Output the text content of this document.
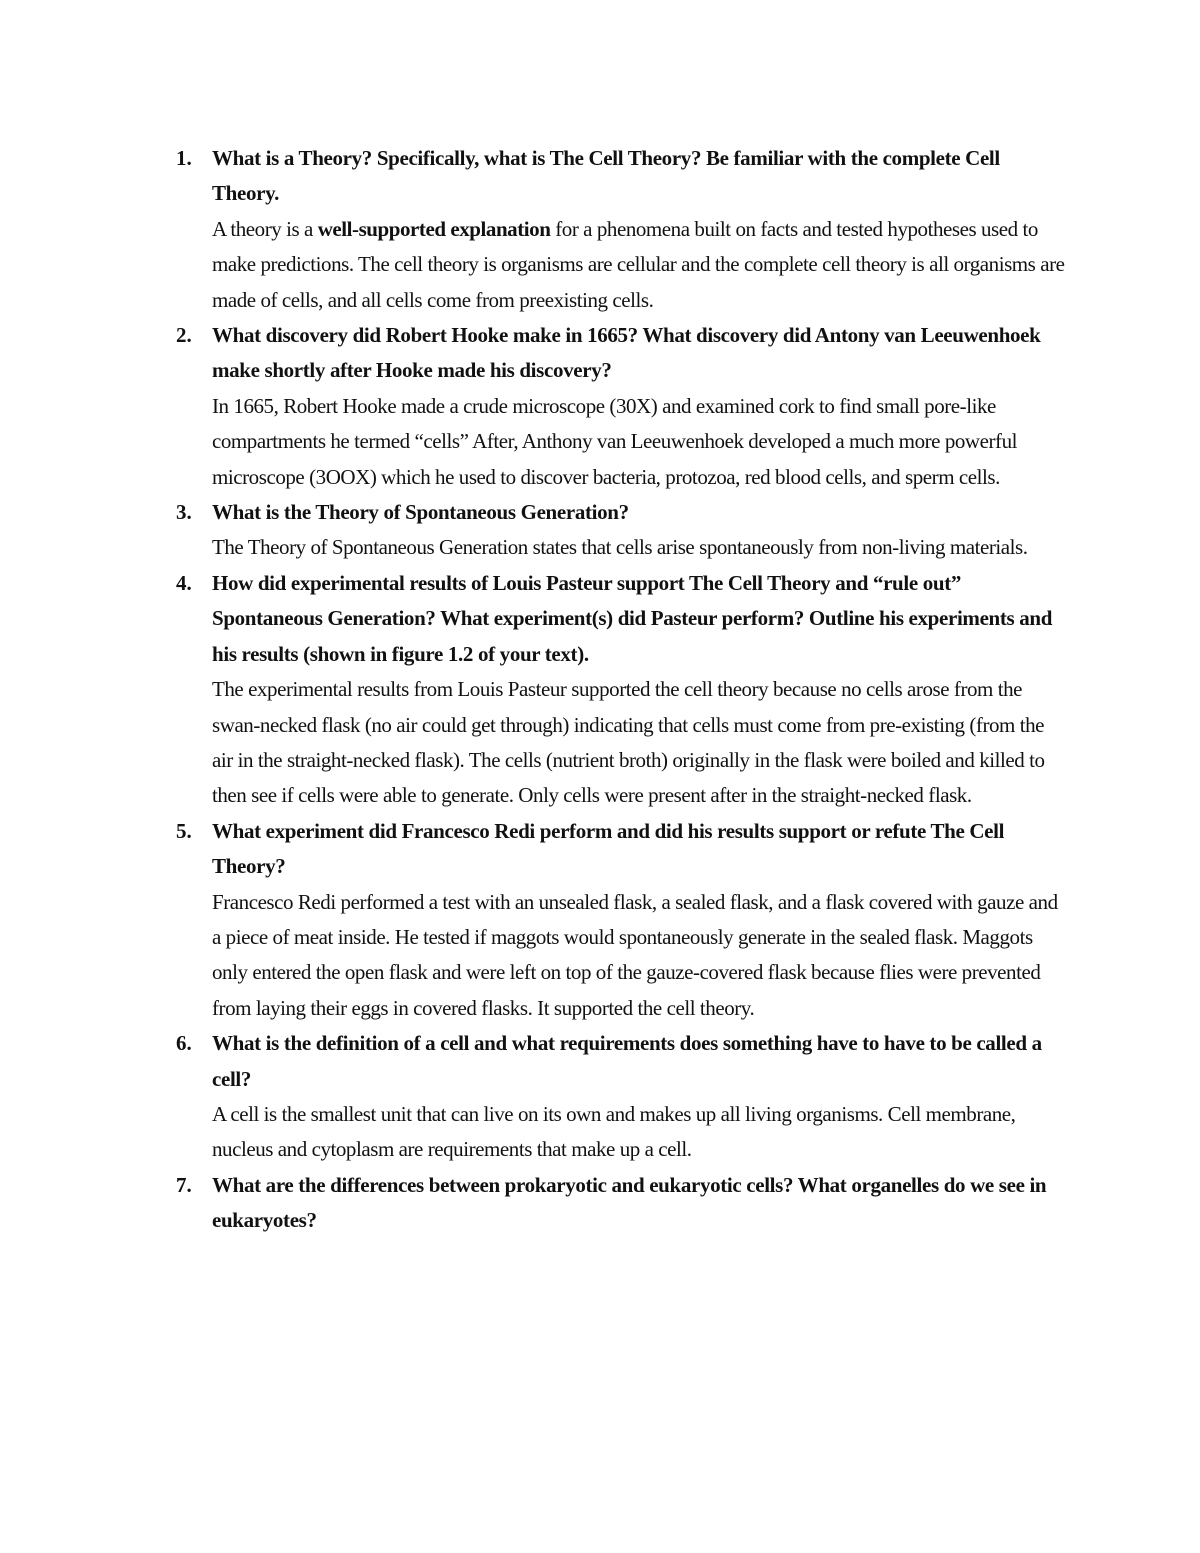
1. What is a Theory? Specifically, what is The Cell Theory? Be familiar with the complete Cell Theory.

A theory is a well-supported explanation for a phenomena built on facts and tested hypotheses used to make predictions. The cell theory is organisms are cellular and the complete cell theory is all organisms are made of cells, and all cells come from preexisting cells.

2. What discovery did Robert Hooke make in 1665? What discovery did Antony van Leeuwenhoek make shortly after Hooke made his discovery?

In 1665, Robert Hooke made a crude microscope (30X) and examined cork to find small pore-like compartments he termed “cells” After, Anthony van Leeuwenhoek developed a much more powerful microscope (3OOX) which he used to discover bacteria, protozoa, red blood cells, and sperm cells.

3. What is the Theory of Spontaneous Generation?

The Theory of Spontaneous Generation states that cells arise spontaneously from non-living materials.

4. How did experimental results of Louis Pasteur support The Cell Theory and “rule out” Spontaneous Generation? What experiment(s) did Pasteur perform? Outline his experiments and his results (shown in figure 1.2 of your text).

The experimental results from Louis Pasteur supported the cell theory because no cells arose from the swan-necked flask (no air could get through) indicating that cells must come from pre-existing (from the air in the straight-necked flask). The cells (nutrient broth) originally in the flask were boiled and killed to then see if cells were able to generate. Only cells were present after in the straight-necked flask.

5. What experiment did Francesco Redi perform and did his results support or refute The Cell Theory?

Francesco Redi performed a test with an unsealed flask, a sealed flask, and a flask covered with gauze and a piece of meat inside. He tested if maggots would spontaneously generate in the sealed flask. Maggots only entered the open flask and were left on top of the gauze-covered flask because flies were prevented from laying their eggs in covered flasks. It supported the cell theory.

6. What is the definition of a cell and what requirements does something have to have to be called a cell?

A cell is the smallest unit that can live on its own and makes up all living organisms. Cell membrane, nucleus and cytoplasm are requirements that make up a cell.

7. What are the differences between prokaryotic and eukaryotic cells? What organelles do we see in eukaryotes?
